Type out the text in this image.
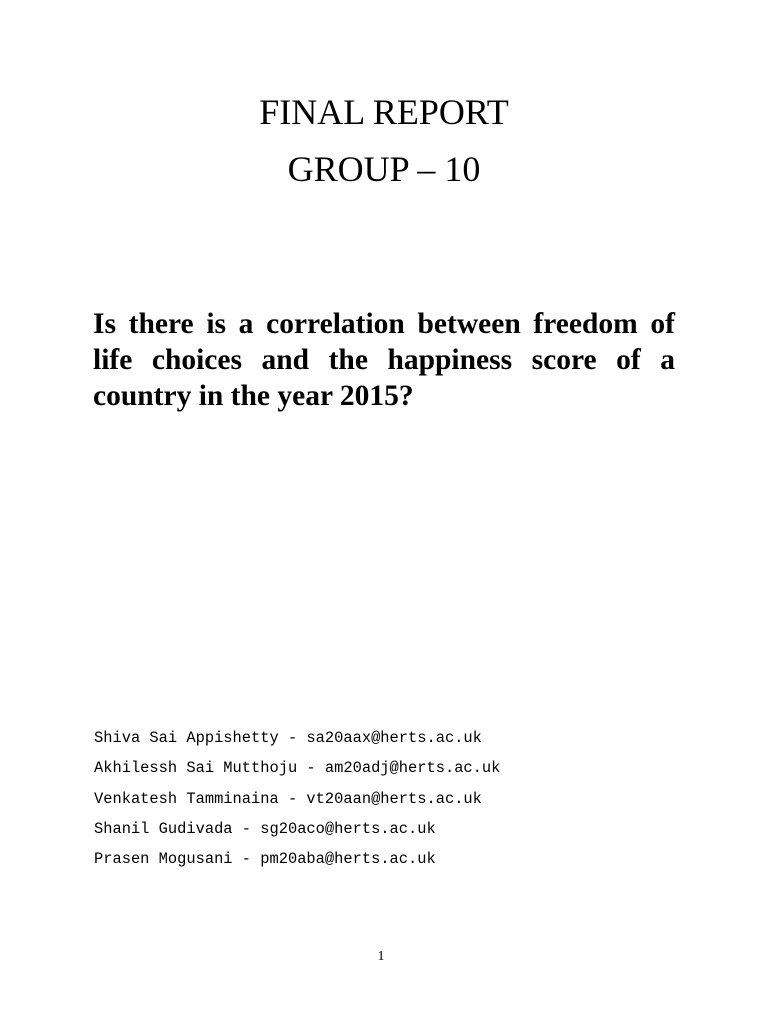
FINAL REPORT
GROUP – 10

Is there is a correlation between freedom of life choices and the happiness score of a country in the year 2015?

Shiva Sai Appishetty - sa20aax@herts.ac.uk
Akhilessh Sai Mutthoju - am20adj@herts.ac.uk
Venkatesh Tamminaina - vt20aan@herts.ac.uk
Shanil Gudivada - sg20aco@herts.ac.uk
Prasen Mogusani - pm20aba@herts.ac.uk
1
